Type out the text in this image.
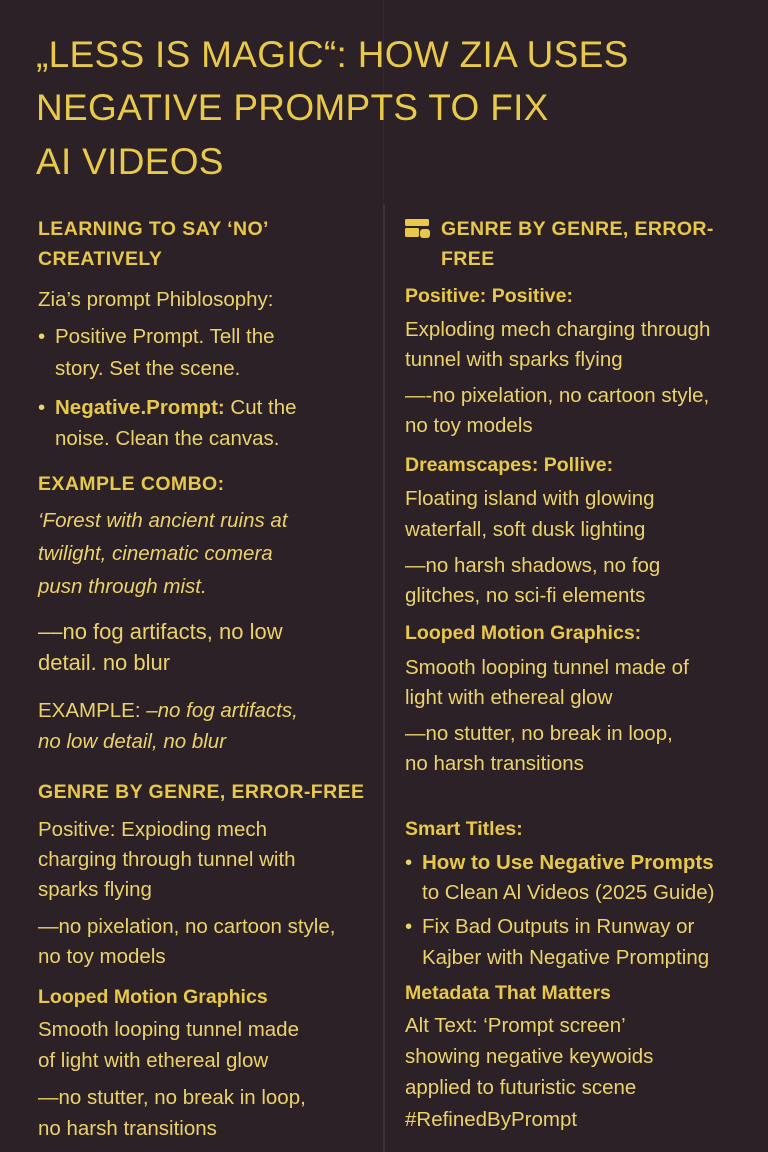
„LESS IS MAGIC“: HOW ZIA USES
NEGATIVE PROMPTS TO FIX
AI VIDEOS
LEARNING TO SAY ‘NO’
CREATIVELY
Zia’s prompt Phiblosophy:
• Positive Prompt. Tell the
story. Set the scene.
• Negative.Prompt: Cut the
noise. Clean the canvas.
EXAMPLE COMBO:
‘Forest with ancient ruins at
twilight, cinematic comera
pusn through mist.
––no fog artifacts, no low
detail. no blur
EXAMPLE: –no fog artifacts,
no low detail, no blur
GENRE BY GENRE, ERROR-FREE
Positive: Expioding mech
charging through tunnel with
sparks flying
—no pixelation, no cartoon style,
no toy models
Looped Motion Graphics
Smooth looping tunnel made
of light with ethereal glow
—no stutter, no break in loop,
no harsh transitions
GENRE BY GENRE, ERROR-
FREE
Positive: Positive:
Exploding mech charging through
tunnel with sparks flying
—-no pixelation, no cartoon style,
no toy models
Dreamscapes: Pollive:
Floating island with glowing
waterfall, soft dusk lighting
—no harsh shadows, no fog
glitches, no sci-fi elements
Looped Motion Graphics:
Smooth looping tunnel made of
light with ethereal glow
—no stutter, no break in loop,
no harsh transitions
Smart Titles:
• How to Use Negative Prompts
to Clean Al Videos (2025 Guide)
• Fix Bad Outputs in Runway or
Kajber with Negative Prompting
Metadata That Matters
Alt Text: ‘Prompt screen’
showing negative keywoids
applied to futuristic scene
#RefinedByPrompt
